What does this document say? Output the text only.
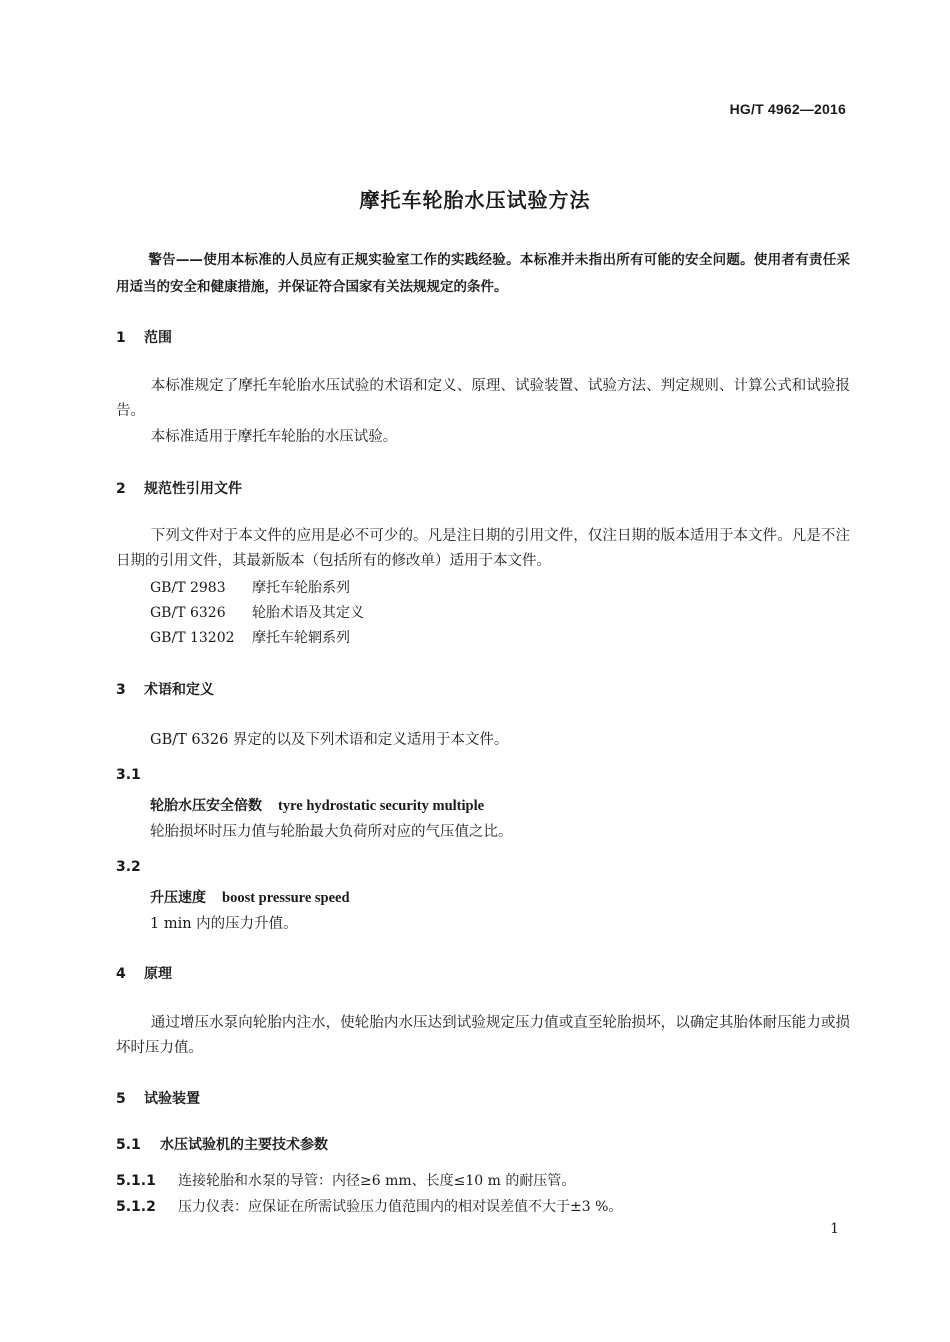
HG/T 4962—2016
摩托车轮胎水压试验方法

警告——使用本标准的人员应有正规实验室工作的实践经验。本标准并未指出所有可能的安全问题。使用者有责任采用适当的安全和健康措施，并保证符合国家有关法规规定的条件。

1 范围

本标准规定了摩托车轮胎水压试验的术语和定义、原理、试验装置、试验方法、判定规则、计算公式和试验报告。

本标准适用于摩托车轮胎的水压试验。

2 规范性引用文件

下列文件对于本文件的应用是必不可少的。凡是注日期的引用文件，仅注日期的版本适用于本文件。凡是不注日期的引用文件，其最新版本（包括所有的修改单）适用于本文件。

GB/T 2983 摩托车轮胎系列
GB/T 6326 轮胎术语及其定义
GB/T 13202 摩托车轮辋系列
3 术语和定义
GB/T 6326 界定的以及下列术语和定义适用于本文件。
3.1
轮胎水压安全倍数 tyre hydrostatic security multiple
轮胎损坏时压力值与轮胎最大负荷所对应的气压值之比。
3.2
升压速度 boost pressure speed
1 min 内的压力升值。
4 原理

通过增压水泵向轮胎内注水，使轮胎内水压达到试验规定压力值或直至轮胎损坏，以确定其胎体耐压能力或损坏时压力值。

5 试验装置
5.1 水压试验机的主要技术参数
5.1.1 连接轮胎和水泵的导管：内径≥6 mm、长度≤10 m 的耐压管。
5.1.2 压力仪表：应保证在所需试验压力值范围内的相对误差值不大于±3 %。
1
